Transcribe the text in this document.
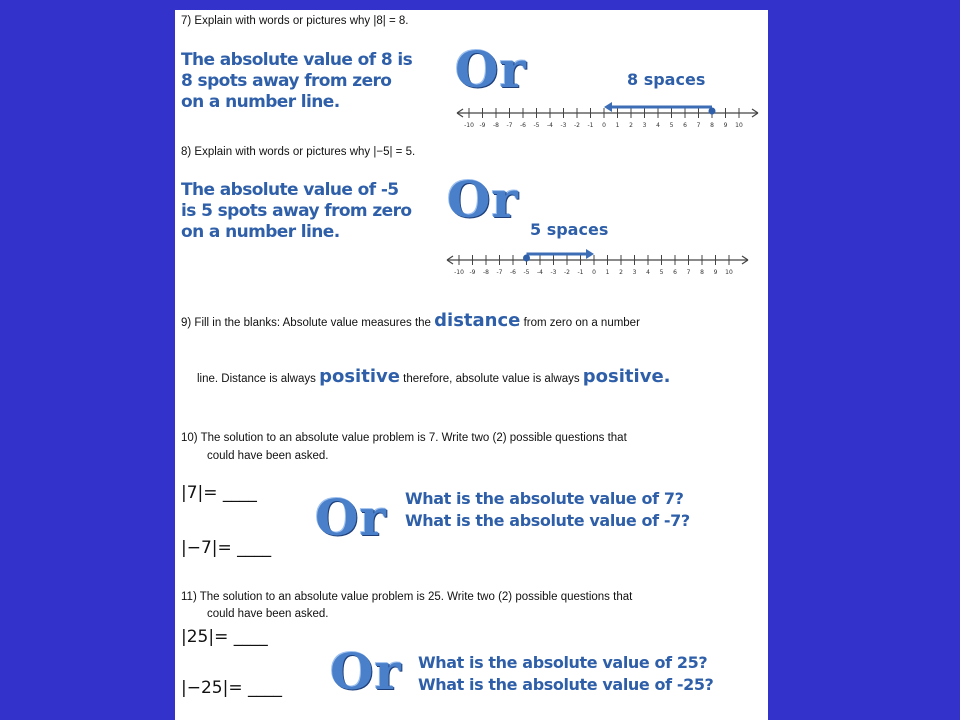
7) Explain with words or pictures why |8| = 8.
The absolute value of 8 is
8 spots away from zero
on a number line.
Or	8 spaces
-10 -9 -8 -7 -6 -5 -4 -3 -2 -1 0 1 2 3 4 5 6 7 8 9 10
8) Explain with words or pictures why |−5| = 5.
The absolute value of -5
is 5 spots away from zero
on a number line.
Or
5 spaces
-10 -9 -8 -7 -6 -5 -4 -3 -2 -1 0 1 2 3 4 5 6 7 8 9 10
9) Fill in the blanks: Absolute value measures the distance from zero on a number
line. Distance is always positive therefore, absolute value is always positive.
10) The solution to an absolute value problem is 7. Write two (2) possible questions that
could have been asked.
|7|= ____
|−7|= ____
Or What is the absolute value of 7?
What is the absolute value of -7?
11) The solution to an absolute value problem is 25. Write two (2) possible questions that
could have been asked.
|25|= ____
|−25|= ____ Or What is the absolute value of 25?
What is the absolute value of -25?
